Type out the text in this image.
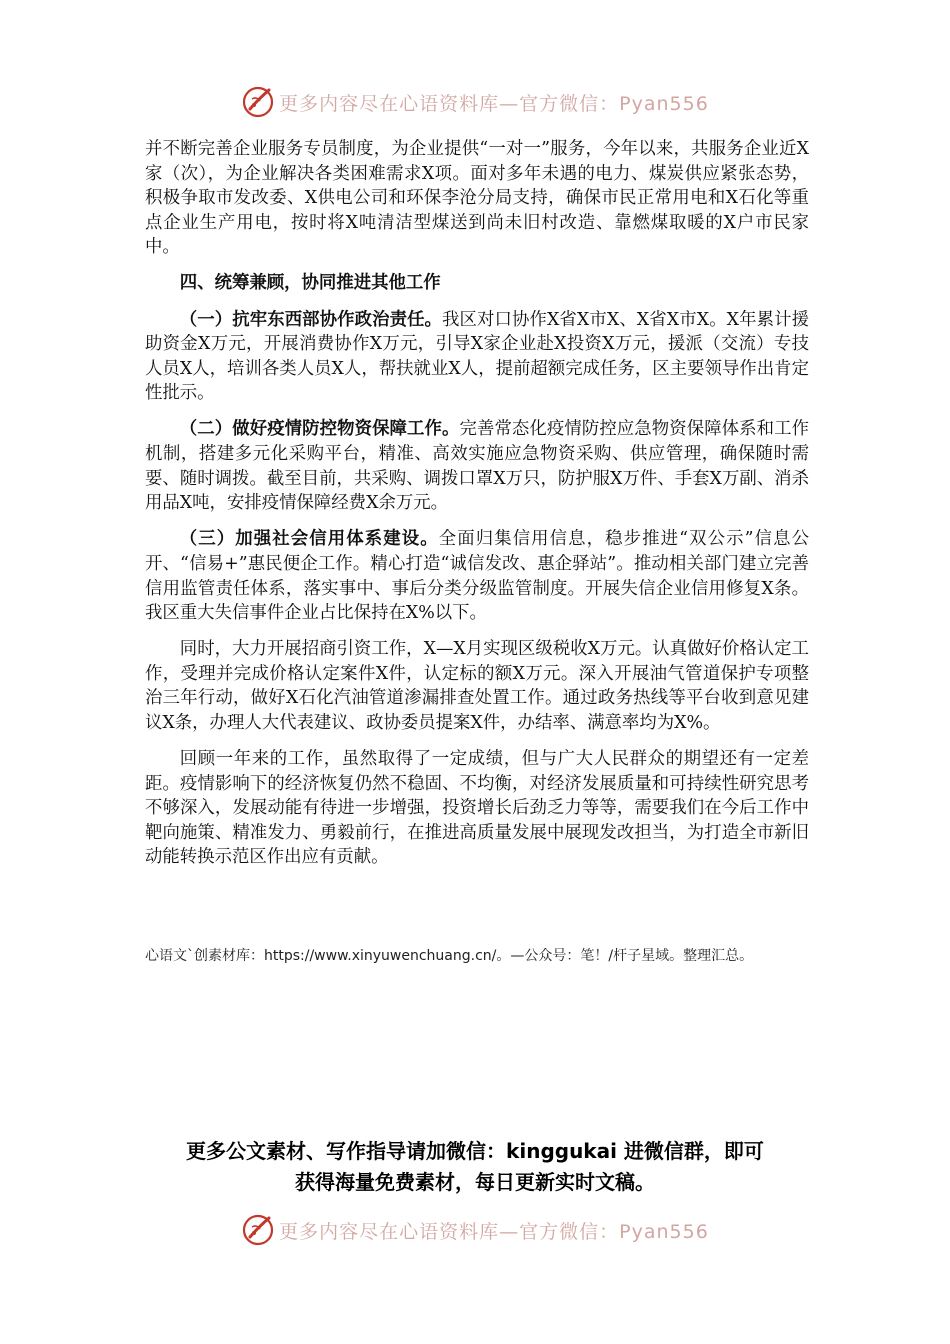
更多内容尽在心语资料库—官方微信：Pyan556

并不断完善企业服务专员制度，为企业提供“一对一”服务，今年以来，共服务企业近X家（次），为企业解决各类困难需求X项。面对多年未遇的电力、煤炭供应紧张态势，积极争取市发改委、X供电公司和环保李沧分局支持，确保市民正常用电和X石化等重点企业生产用电，按时将X吨清洁型煤送到尚未旧村改造、靠燃煤取暖的X户市民家中。

四、统筹兼顾，协同推进其他工作

（一）抗牢东西部协作政治责任。我区对口协作X省X市X、X省X市X。X年累计援助资金X万元，开展消费协作X万元，引导X家企业赴X投资X万元，援派（交流）专技人员X人，培训各类人员X人，帮扶就业X人，提前超额完成任务，区主要领导作出肯定性批示。

（二）做好疫情防控物资保障工作。完善常态化疫情防控应急物资保障体系和工作机制，搭建多元化采购平台，精准、高效实施应急物资采购、供应管理，确保随时需要、随时调拨。截至目前，共采购、调拨口罩X万只，防护服X万件、手套X万副、消杀用品X吨，安排疫情保障经费X余万元。

（三）加强社会信用体系建设。全面归集信用信息，稳步推进“双公示”信息公开、“信易+”惠民便企工作。精心打造“诚信发改、惠企驿站”。推动相关部门建立完善信用监管责任体系，落实事中、事后分类分级监管制度。开展失信企业信用修复X条。我区重大失信事件企业占比保持在X%以下。

同时，大力开展招商引资工作，X—X月实现区级税收X万元。认真做好价格认定工作，受理并完成价格认定案件X件，认定标的额X万元。深入开展油气管道保护专项整治三年行动，做好X石化汽油管道渗漏排查处置工作。通过政务热线等平台收到意见建议X条，办理人大代表建议、政协委员提案X件，办结率、满意率均为X%。

回顾一年来的工作，虽然取得了一定成绩，但与广大人民群众的期望还有一定差距。疫情影响下的经济恢复仍然不稳固、不均衡，对经济发展质量和可持续性研究思考不够深入，发展动能有待进一步增强，投资增长后劲乏力等等，需要我们在今后工作中靶向施策、精准发力、勇毅前行，在推进高质量发展中展现发改担当，为打造全市新旧动能转换示范区作出应有贡献。

心语文`创素材库：https://www.xinyuwenchuang.cn/。—公众号：笔！/杆子星域。整理汇总。
更多公文素材、写作指导请加微信：kinggukai 进微信群，即可
获得海量免费素材，每日更新实时文稿。
更多内容尽在心语资料库—官方微信：Pyan556
